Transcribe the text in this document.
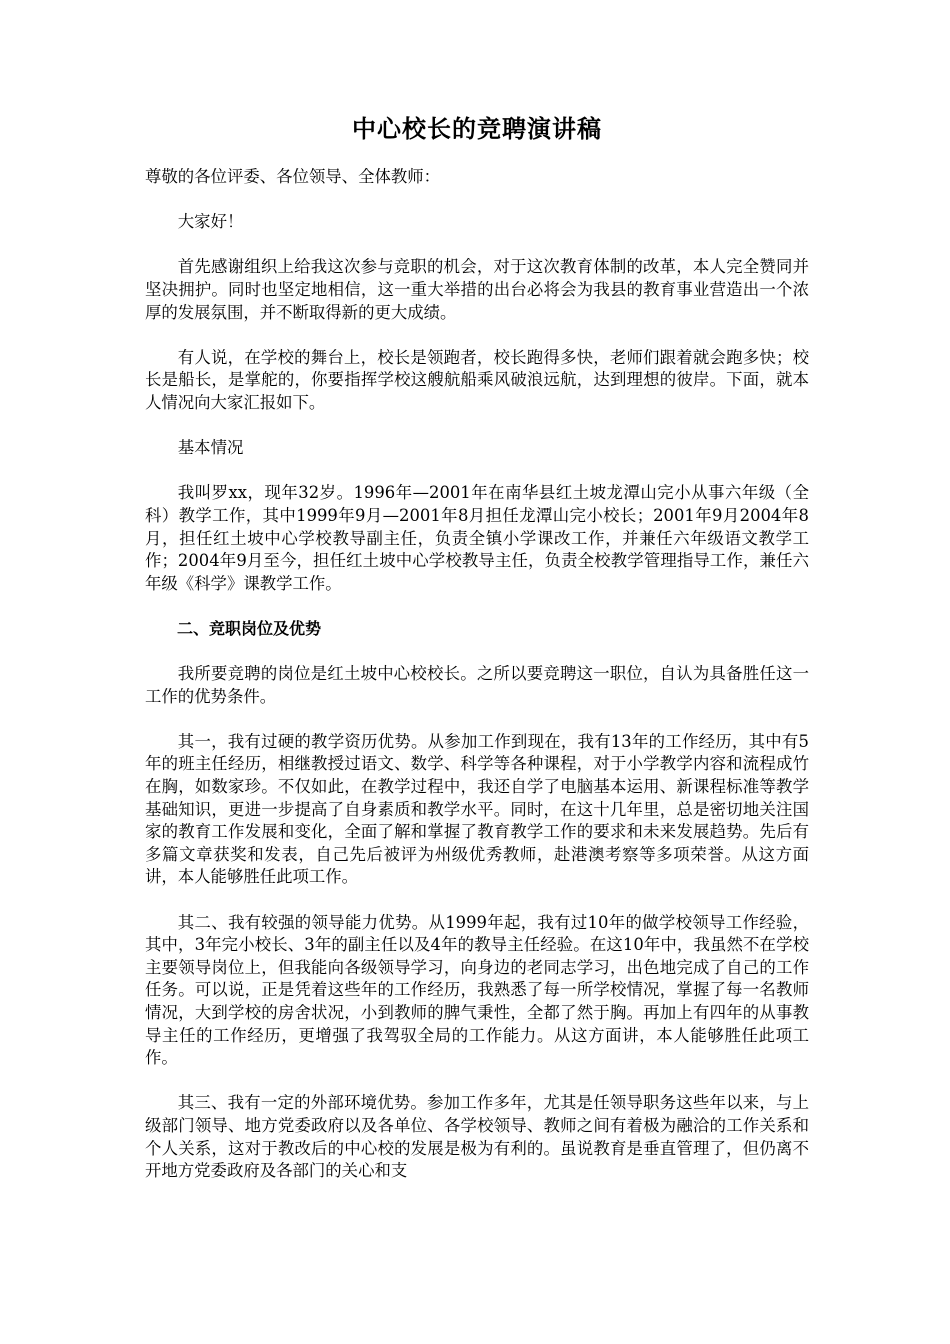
中心校长的竞聘演讲稿

尊敬的各位评委、各位领导、全体教师：

大家好！

首先感谢组织上给我这次参与竞职的机会，对于这次教育体制的改革，本人完全赞同并坚决拥护。同时也坚定地相信，这一重大举措的出台必将会为我县的教育事业营造出一个浓厚的发展氛围，并不断取得新的更大成绩。

有人说，在学校的舞台上，校长是领跑者，校长跑得多快，老师们跟着就会跑多快；校长是船长，是掌舵的，你要指挥学校这艘航船乘风破浪远航，达到理想的彼岸。下面，就本人情况向大家汇报如下。

基本情况

我叫罗xx，现年32岁。1996年—2001年在南华县红土坡龙潭山完小从事六年级（全科）教学工作，其中1999年9月—2001年8月担任龙潭山完小校长；2001年9月2004年8月，担任红土坡中心学校教导副主任，负责全镇小学课改工作，并兼任六年级语文教学工作；2004年9月至今，担任红土坡中心学校教导主任，负责全校教学管理指导工作，兼任六年级《科学》课教学工作。

二、竞职岗位及优势

我所要竞聘的岗位是红土坡中心校校长。之所以要竞聘这一职位，自认为具备胜任这一工作的优势条件。

其一，我有过硬的教学资历优势。从参加工作到现在，我有13年的工作经历，其中有5年的班主任经历，相继教授过语文、数学、科学等各种课程，对于小学教学内容和流程成竹在胸，如数家珍。不仅如此，在教学过程中，我还自学了电脑基本运用、新课程标准等教学基础知识，更进一步提高了自身素质和教学水平。同时，在这十几年里，总是密切地关注国家的教育工作发展和变化，全面了解和掌握了教育教学工作的要求和未来发展趋势。先后有多篇文章获奖和发表，自己先后被评为州级优秀教师，赴港澳考察等多项荣誉。从这方面讲，本人能够胜任此项工作。

其二、我有较强的领导能力优势。从1999年起，我有过10年的做学校领导工作经验，其中，3年完小校长、3年的副主任以及4年的教导主任经验。在这10年中，我虽然不在学校主要领导岗位上，但我能向各级领导学习，向身边的老同志学习，出色地完成了自己的工作任务。可以说，正是凭着这些年的工作经历，我熟悉了每一所学校情况，掌握了每一名教师情况，大到学校的房舍状况，小到教师的脾气秉性，全都了然于胸。再加上有四年的从事教导主任的工作经历，更增强了我驾驭全局的工作能力。从这方面讲，本人能够胜任此项工作。

其三、我有一定的外部环境优势。参加工作多年，尤其是任领导职务这些年以来，与上级部门领导、地方党委政府以及各单位、各学校领导、教师之间有着极为融洽的工作关系和个人关系，这对于教改后的中心校的发展是极为有利的。虽说教育是垂直管理了，但仍离不开地方党委政府及各部门的关心和支
